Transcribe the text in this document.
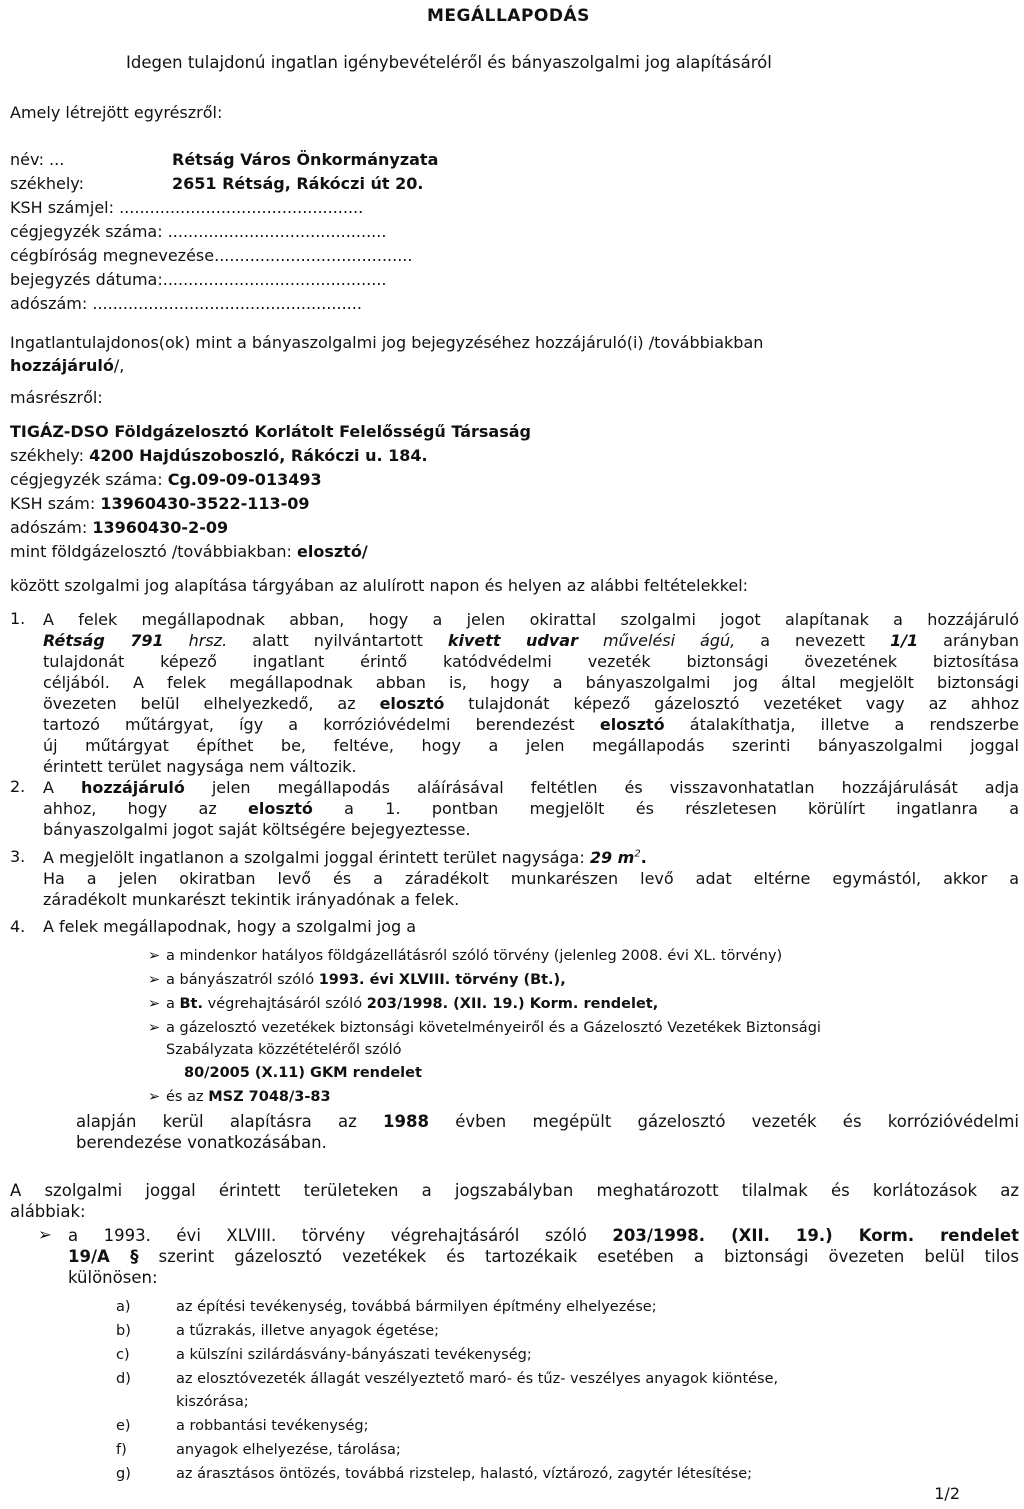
MEGÁLLAPODÁS
Idegen tulajdonú ingatlan igénybevételéről és bányaszolgalmi jog alapításáról
Amely létrejött egyrészről:
név: ...	Rétság Város Önkormányzata
székhely:	2651 Rétság, Rákóczi út 20.
KSH számjel: ................................................
cégjegyzék száma: ...........................................
cégbíróság megnevezése.......................................
bejegyzés dátuma:............................................
adószám: .....................................................
Ingatlantulajdonos(ok) mint a bányaszolgalmi jog bejegyzéséhez hozzájáruló(i) /továbbiakban
hozzájáruló/,
másrészről:
TIGÁZ-DSO Földgázelosztó Korlátolt Felelősségű Társaság
székhely: 4200 Hajdúszoboszló, Rákóczi u. 184.
cégjegyzék száma: Cg.09-09-013493
KSH szám: 13960430-3522-113-09
adószám: 13960430-2-09
mint földgázelosztó /továbbiakban: elosztó/
között szolgalmi jog alapítása tárgyában az alulírott napon és helyen az alábbi feltételekkel:
1. A felek megállapodnak abban, hogy a jelen okirattal szolgalmi jogot alapítanak a hozzájáruló
Rétság 791 hrsz. alatt nyilvántartott kivett udvar művelési ágú, a nevezett 1/1 arányban
tulajdonát képező ingatlant érintő katódvédelmi vezeték biztonsági övezetének biztosítása
céljából. A felek megállapodnak abban is, hogy a bányaszolgalmi jog által megjelölt biztonsági
övezeten belül elhelyezkedő, az elosztó tulajdonát képező gázelosztó vezetéket vagy az ahhoz
tartozó műtárgyat, így a korrózióvédelmi berendezést elosztó átalakíthatja, illetve a rendszerbe
új műtárgyat építhet be, feltéve, hogy a jelen megállapodás szerinti bányaszolgalmi joggal
érintett terület nagysága nem változik.
2. A hozzájáruló jelen megállapodás aláírásával feltétlen és visszavonhatatlan hozzájárulását adja
ahhoz, hogy az elosztó a 1. pontban megjelölt és részletesen körülírt ingatlanra a
bányaszolgalmi jogot saját költségére bejegyeztesse.
3. A megjelölt ingatlanon a szolgalmi joggal érintett terület nagysága: 29 $m^2$.
Ha a jelen okiratban levő és a záradékolt munkarészen levő adat eltérne egymástól, akkor a
záradékolt munkarészt tekintik irányadónak a felek.
4. A felek megállapodnak, hogy a szolgalmi jog a
➢ a mindenkor hatályos földgázellátásról szóló törvény (jelenleg 2008. évi XL. törvény)
➢ a bányászatról szóló 1993. évi XLVIII. törvény (Bt.),
➢ a Bt. végrehajtásáról szóló 203/1998. (XII. 19.) Korm. rendelet,
➢ a gázelosztó vezetékek biztonsági követelményeiről és a Gázelosztó Vezetékek Biztonsági
Szabályzata közzétételéről szóló
80/2005 (X.11) GKM rendelet
➢ és az MSZ 7048/3-83
alapján kerül alapításra az 1988 évben megépült gázelosztó vezeték és korrózióvédelmi
berendezése vonatkozásában.
A szolgalmi joggal érintett területeken a jogszabályban meghatározott tilalmak és korlátozások az
alábbiak:
➢ a 1993. évi XLVIII. törvény végrehajtásáról szóló 203/1998. (XII. 19.) Korm. rendelet
19/A § szerint gázelosztó vezetékek és tartozékaik esetében a biztonsági övezeten belül tilos
különösen:
a)	az építési tevékenység, továbbá bármilyen építmény elhelyezése;
b)	a tűzrakás, illetve anyagok égetése;
c)	a külszíni szilárdásvány-bányászati tevékenység;
d)	az elosztóvezeték állagát veszélyeztető maró- és tűz- veszélyes anyagok kiöntése,
kiszórása;
e)	a robbantási tevékenység;
f)	anyagok elhelyezése, tárolása;
g)	az árasztásos öntözés, továbbá rizstelep, halastó, víztározó, zagytér létesítése;
1/2
